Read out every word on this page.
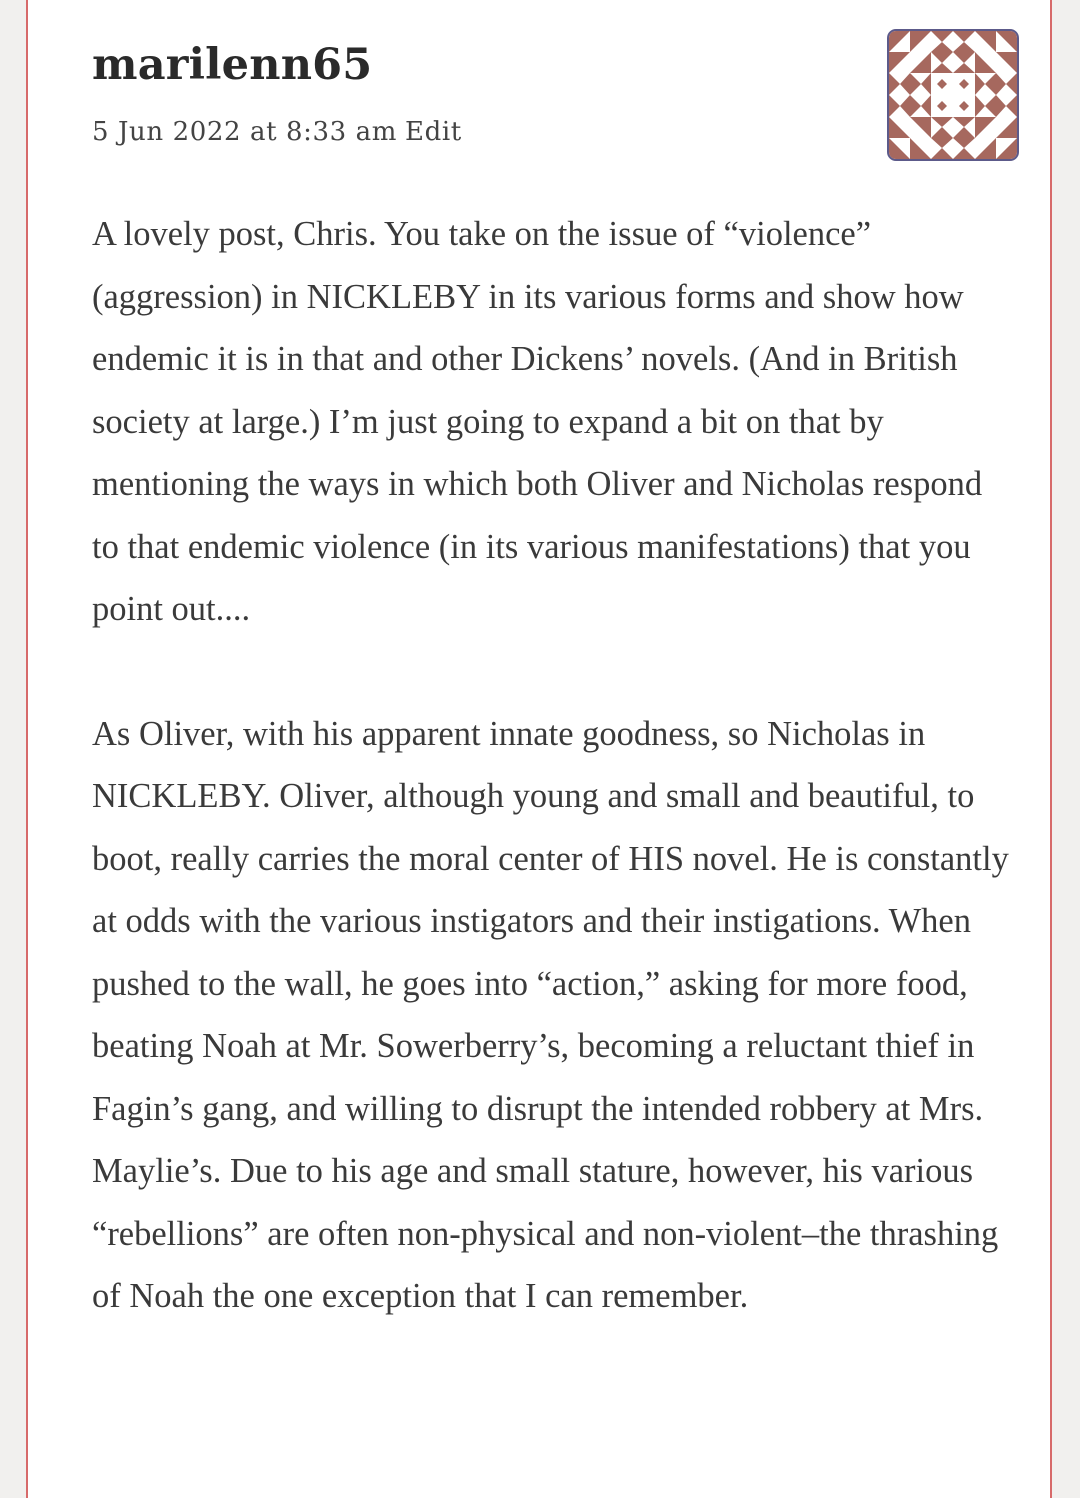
marilenn65
5 Jun 2022 at 8:33 am Edit

A lovely post, Chris. You take on the issue of “violence” (aggression) in NICKLEBY in its various forms and show how endemic it is in that and other Dickens’ novels. (And in British society at large.) I’m just going to expand a bit on that by mentioning the ways in which both Oliver and Nicholas respond to that endemic violence (in its various manifestations) that you point out....

As Oliver, with his apparent innate goodness, so Nicholas in NICKLEBY. Oliver, although young and small and beautiful, to boot, really carries the moral center of HIS novel. He is constantly at odds with the various instigators and their instigations. When pushed to the wall, he goes into “action,” asking for more food, beating Noah at Mr. Sowerberry’s, becoming a reluctant thief in Fagin’s gang, and willing to disrupt the intended robbery at Mrs. Maylie’s. Due to his age and small stature, however, his various “rebellions” are often non-physical and non-violent–the thrashing of Noah the one exception that I can remember.
